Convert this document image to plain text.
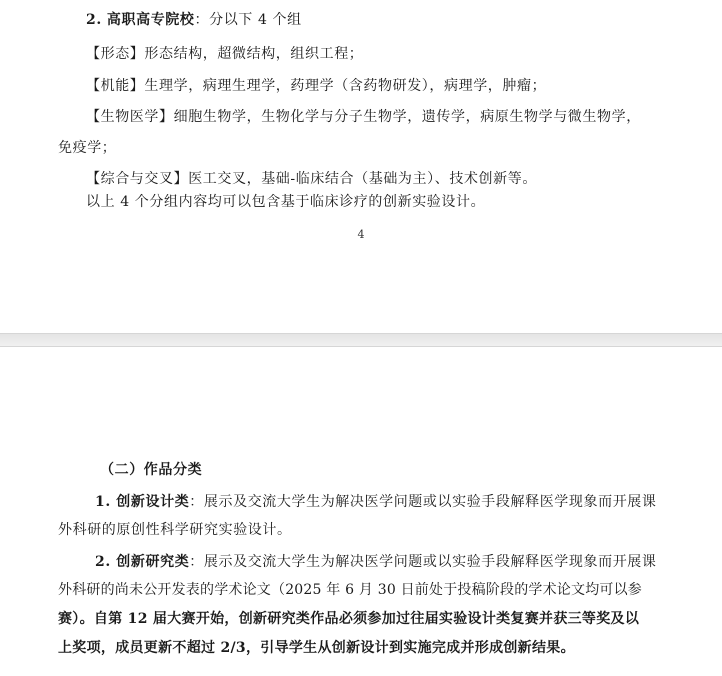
2. 高职高专院校：分以下 4 个组
【形态】形态结构，超微结构，组织工程；
【机能】生理学，病理生理学，药理学（含药物研发），病理学，肿瘤；
【生物医学】细胞生物学，生物化学与分子生物学，遗传学，病原生物学与微生物学，
免疫学；
【综合与交叉】医工交叉，基础-临床结合（基础为主）、技术创新等。
以上 4 个分组内容均可以包含基于临床诊疗的创新实验设计。
4
（二）作品分类
1. 创新设计类：展示及交流大学生为解决医学问题或以实验手段解释医学现象而开展课
外科研的原创性科学研究实验设计。
2. 创新研究类：展示及交流大学生为解决医学问题或以实验手段解释医学现象而开展课
外科研的尚未公开发表的学术论文（2025 年 6 月 30 日前处于投稿阶段的学术论文均可以参
赛）。自第 12 届大赛开始，创新研究类作品必须参加过往届实验设计类复赛并获三等奖及以
上奖项，成员更新不超过 2/3，引导学生从创新设计到实施完成并形成创新结果。
